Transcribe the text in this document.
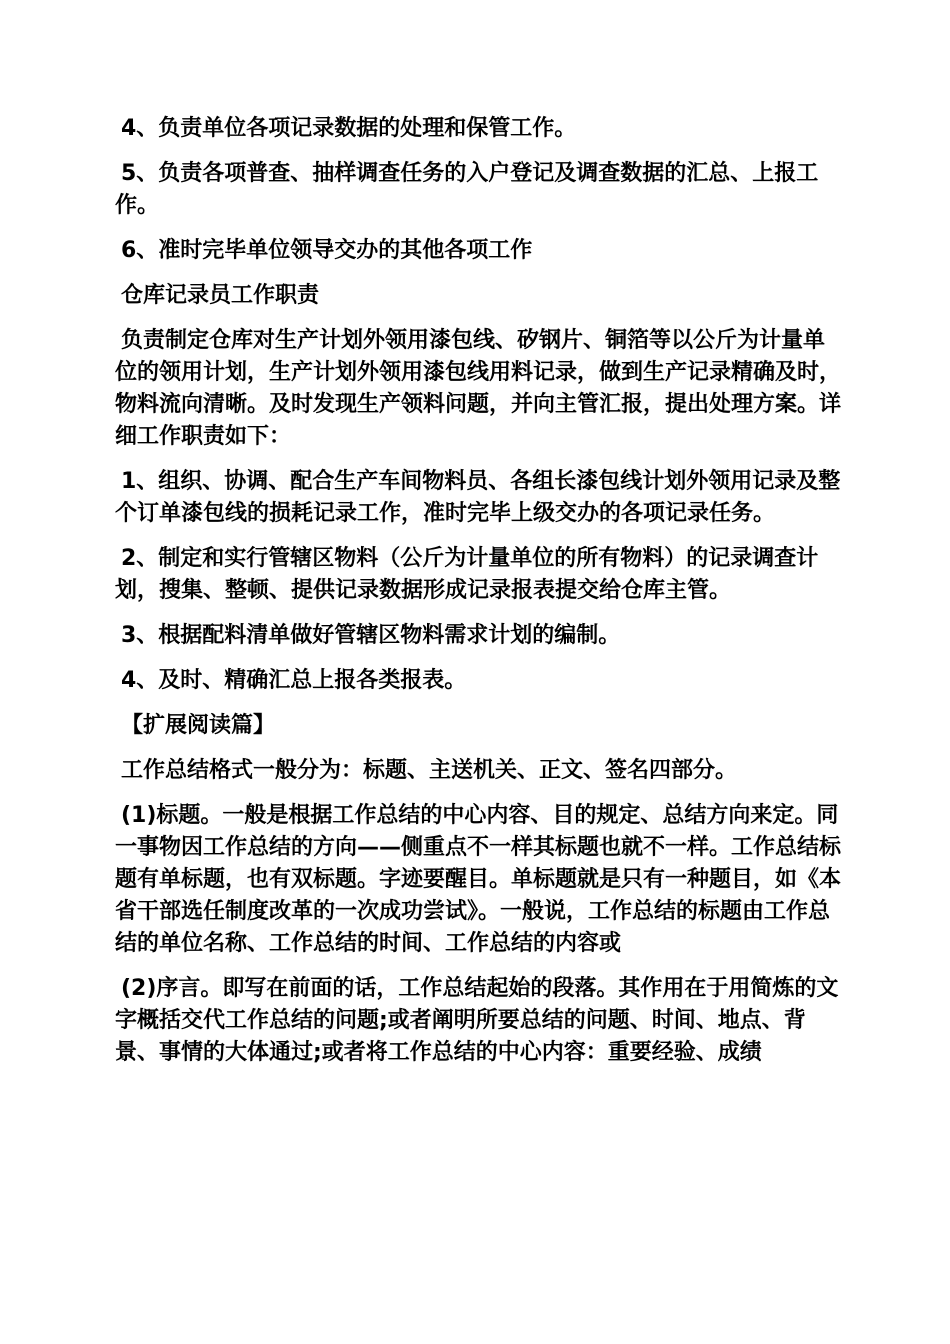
4、负责单位各项记录数据的处理和保管工作。

5、负责各项普查、抽样调查任务的入户登记及调查数据的汇总、上报工作。

6、准时完毕单位领导交办的其他各项工作

仓库记录员工作职责

负责制定仓库对生产计划外领用漆包线、矽钢片、铜箔等以公斤为计量单位的领用计划，生产计划外领用漆包线用料记录，做到生产记录精确及时，物料流向清晰。及时发现生产领料问题，并向主管汇报，提出处理方案。详细工作职责如下：

1、组织、协调、配合生产车间物料员、各组长漆包线计划外领用记录及整个订单漆包线的损耗记录工作，准时完毕上级交办的各项记录任务。

2、制定和实行管辖区物料（公斤为计量单位的所有物料）的记录调查计划，搜集、整顿、提供记录数据形成记录报表提交给仓库主管。

3、根据配料清单做好管辖区物料需求计划的编制。

4、及时、精确汇总上报各类报表。

【扩展阅读篇】

工作总结格式一般分为：标题、主送机关、正文、签名四部分。

(1)标题。一般是根据工作总结的中心内容、目的规定、总结方向来定。同一事物因工作总结的方向——侧重点不一样其标题也就不一样。工作总结标题有单标题，也有双标题。字迹要醒目。单标题就是只有一种题目，如《本省干部选任制度改革的一次成功尝试》。一般说，工作总结的标题由工作总结的单位名称、工作总结的时间、工作总结的内容或

(2)序言。即写在前面的话，工作总结起始的段落。其作用在于用简炼的文字概括交代工作总结的问题;或者阐明所要总结的问题、时间、地点、背景、事情的大体通过;或者将工作总结的中心内容：重要经验、成绩
